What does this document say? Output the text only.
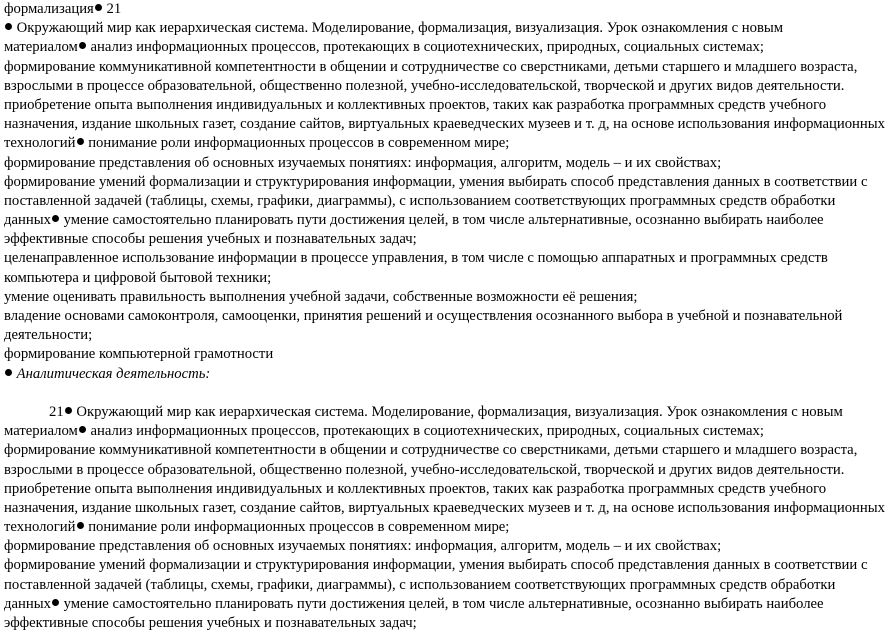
формализация 21
Окружающий мир как иерархическая система. Моделирование, формализация, визуализация. Урок ознакомления с новым
материалом анализ информационных процессов, протекающих в социотехнических, природных, социальных системах;
формирование коммуникативной компетентности в общении и сотрудничестве со сверстниками, детьми старшего и младшего возраста,
взрослыми в процессе образовательной, общественно полезной, учебно-исследовательской, творческой и других видов деятельности.
приобретение опыта выполнения индивидуальных и коллективных проектов, таких как разработка программных средств учебного
назначения, издание школьных газет, создание сайтов, виртуальных краеведческих музеев и т. д, на основе использования информационных
технологий понимание роли информационных процессов в современном мире;
формирование представления об основных изучаемых понятиях: информация, алгоритм, модель – и их свойствах;
формирование умений формализации и структурирования информации, умения выбирать способ представления данных в соответствии с
поставленной задачей (таблицы, схемы, графики, диаграммы), с использованием соответствующих программных средств обработки
данных умение самостоятельно планировать пути достижения целей, в том числе альтернативные, осознанно выбирать наиболее
эффективные способы решения учебных и познавательных задач;
целенаправленное использование информации в процессе управления, в том числе с помощью аппаратных и программных средств
компьютера и цифровой бытовой техники;
умение оценивать правильность выполнения учебной задачи, собственные возможности её решения;
владение основами самоконтроля, самооценки, принятия решений и осуществления осознанного выбора в учебной и познавательной
деятельности;
формирование компьютерной грамотности
Аналитическая деятельность:
21 Окружающий мир как иерархическая система. Моделирование, формализация, визуализация. Урок ознакомления с новым
материалом анализ информационных процессов, протекающих в социотехнических, природных, социальных системах;
формирование коммуникативной компетентности в общении и сотрудничестве со сверстниками, детьми старшего и младшего возраста,
взрослыми в процессе образовательной, общественно полезной, учебно-исследовательской, творческой и других видов деятельности.
приобретение опыта выполнения индивидуальных и коллективных проектов, таких как разработка программных средств учебного
назначения, издание школьных газет, создание сайтов, виртуальных краеведческих музеев и т. д, на основе использования информационных
технологий понимание роли информационных процессов в современном мире;
формирование представления об основных изучаемых понятиях: информация, алгоритм, модель – и их свойствах;
формирование умений формализации и структурирования информации, умения выбирать способ представления данных в соответствии с
поставленной задачей (таблицы, схемы, графики, диаграммы), с использованием соответствующих программных средств обработки
данных умение самостоятельно планировать пути достижения целей, в том числе альтернативные, осознанно выбирать наиболее
эффективные способы решения учебных и познавательных задач;
